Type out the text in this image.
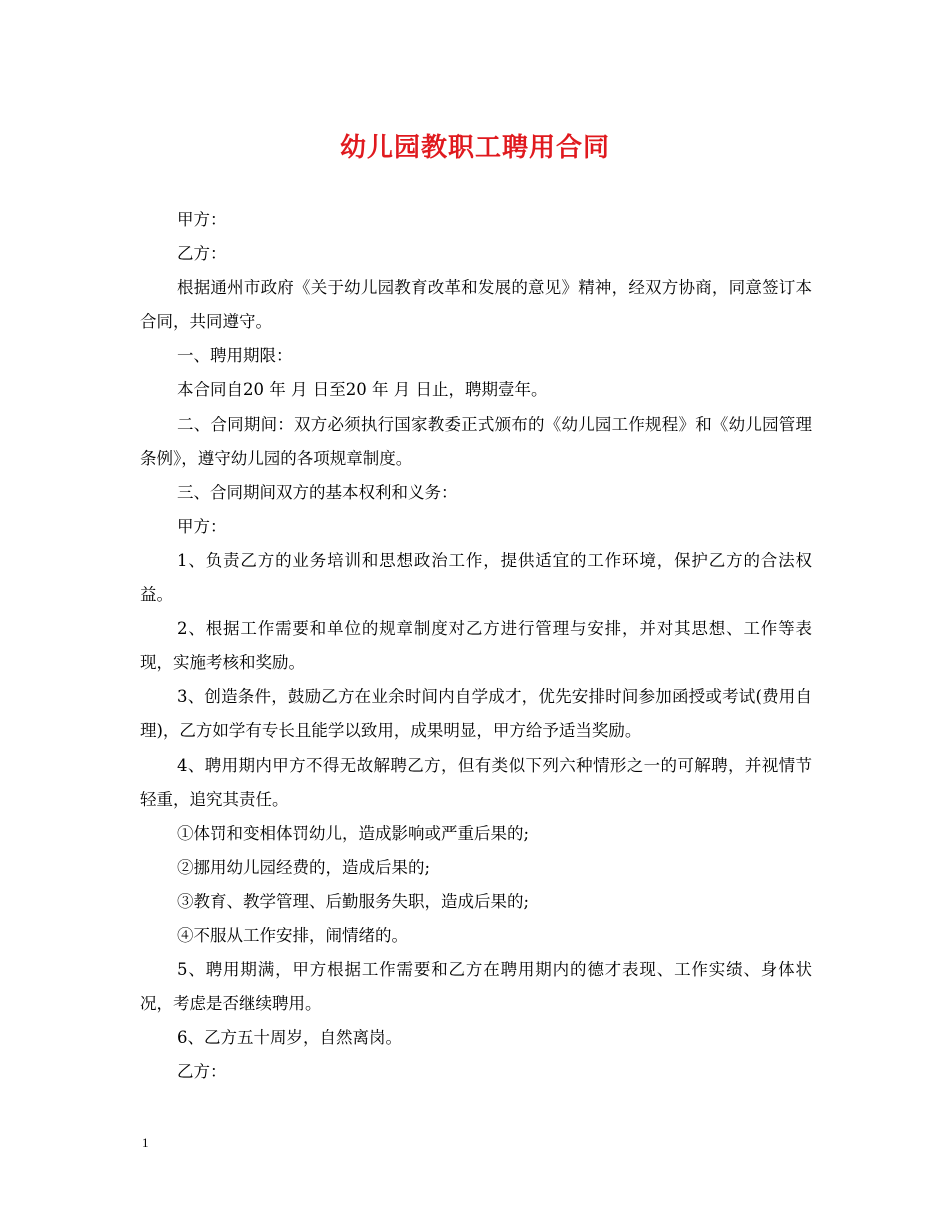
幼儿园教职工聘用合同

甲方：

乙方：

根据通州市政府《关于幼儿园教育改革和发展的意见》精神，经双方协商，同意签订本合同，共同遵守。

一、聘用期限：

本合同自20 年 月 日至20 年 月 日止，聘期壹年。

二、合同期间：双方必须执行国家教委正式颁布的《幼儿园工作规程》和《幼儿园管理条例》，遵守幼儿园的各项规章制度。

三、合同期间双方的基本权利和义务：

甲方：

1、负责乙方的业务培训和思想政治工作，提供适宜的工作环境，保护乙方的合法权益。

2、根据工作需要和单位的规章制度对乙方进行管理与安排，并对其思想、工作等表现，实施考核和奖励。

3、创造条件，鼓励乙方在业余时间内自学成才，优先安排时间参加函授或考试(费用自理)，乙方如学有专长且能学以致用，成果明显，甲方给予适当奖励。

4、聘用期内甲方不得无故解聘乙方，但有类似下列六种情形之一的可解聘，并视情节轻重，追究其责任。

①体罚和变相体罚幼儿，造成影响或严重后果的;

②挪用幼儿园经费的，造成后果的;

③教育、教学管理、后勤服务失职，造成后果的;

④不服从工作安排，闹情绪的。

5、聘用期满，甲方根据工作需要和乙方在聘用期内的德才表现、工作实绩、身体状况，考虑是否继续聘用。

6、乙方五十周岁，自然离岗。

乙方：

1
